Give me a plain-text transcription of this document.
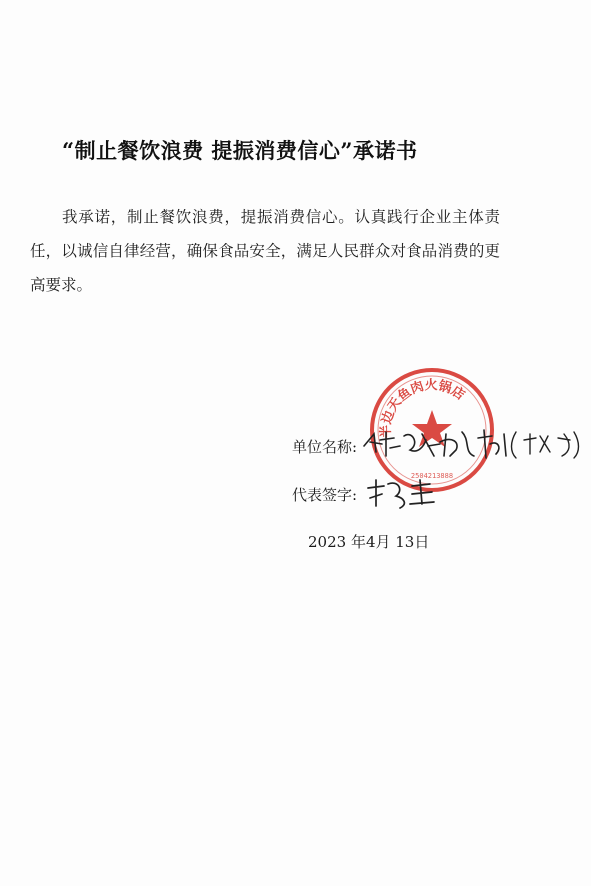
“制止餐饮浪费 提振消费信心”承诺书
我承诺，制止餐饮浪费，提振消费信心。认真践行企业主体责任，以诚信自律经营，确保食品安全，满足人民群众对食品消费的更高要求。
半边天鱼肉火锅店
2504213888
单位名称:
代表签字:
2023 年4月 13日
